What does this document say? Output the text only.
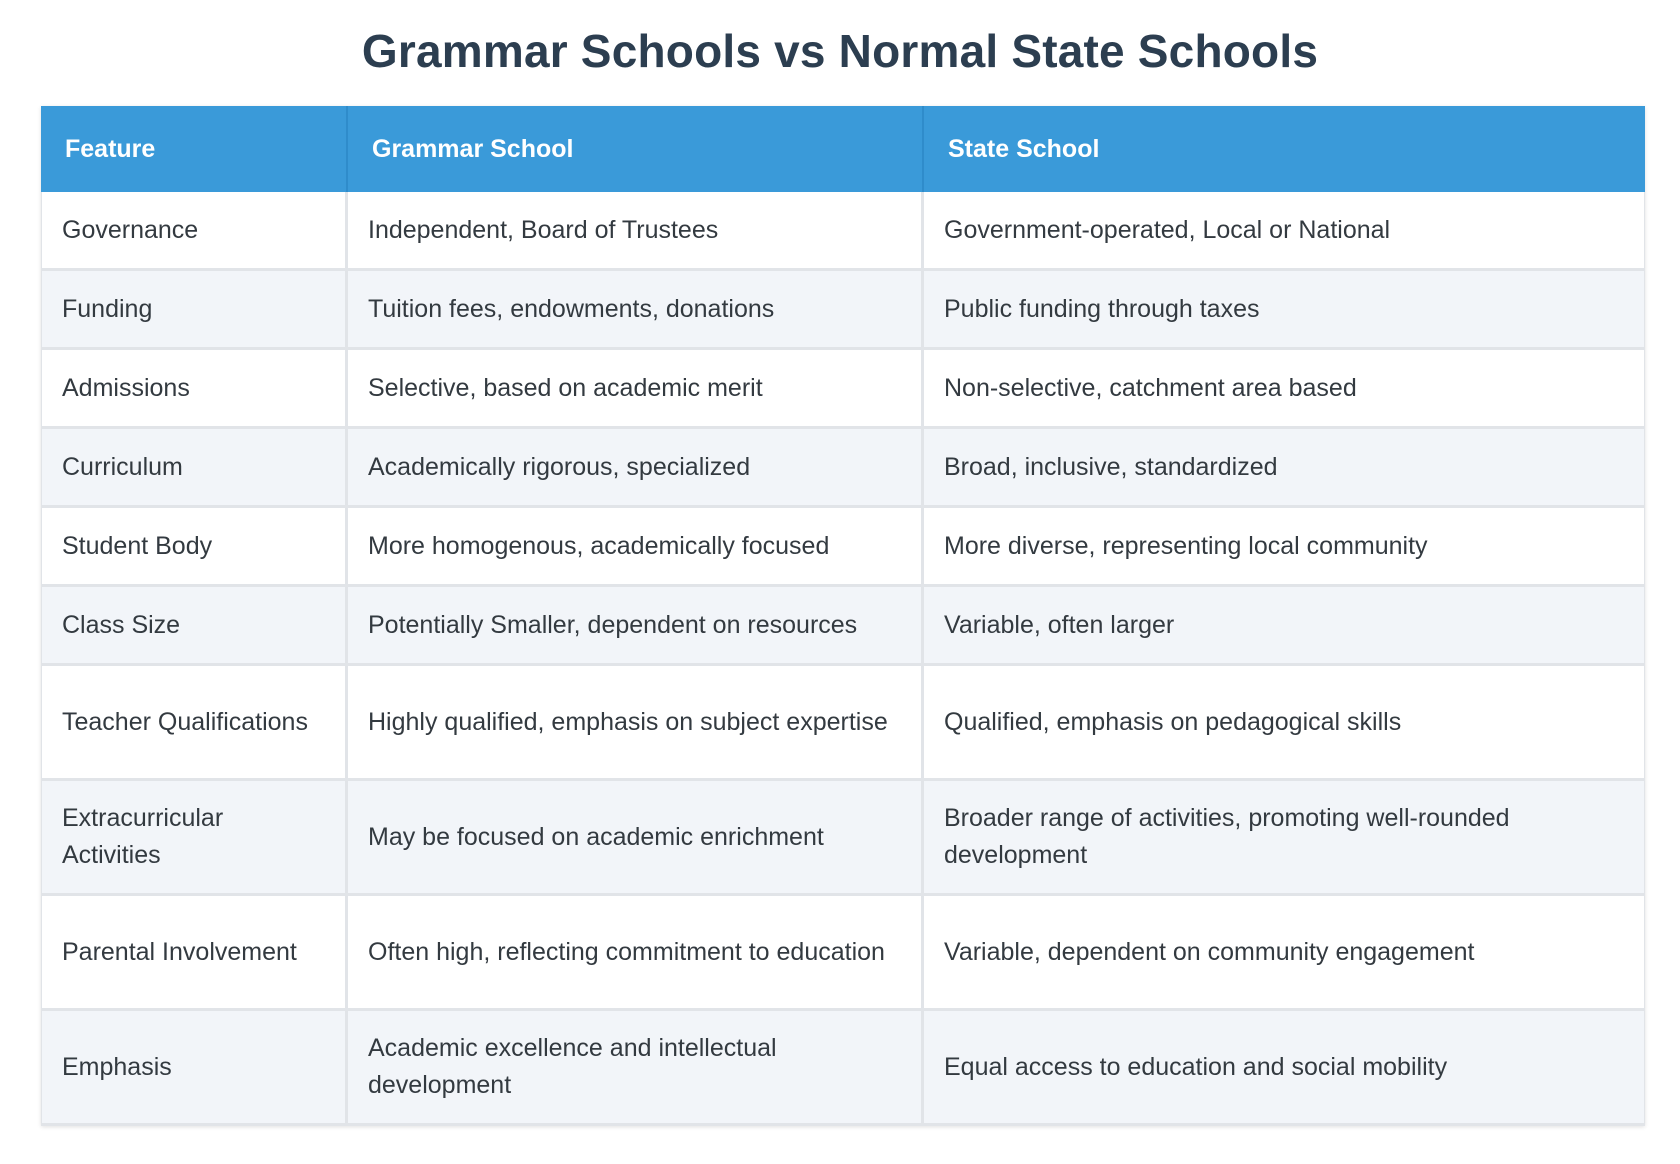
Grammar Schools vs Normal State Schools
Feature	Grammar School	State School
Governance	Independent, Board of Trustees	Government-operated, Local or National
Funding	Tuition fees, endowments, donations	Public funding through taxes
Admissions	Selective, based on academic merit	Non-selective, catchment area based
Curriculum	Academically rigorous, specialized	Broad, inclusive, standardized
Student Body	More homogenous, academically focused	More diverse, representing local community
Class Size	Potentially Smaller, dependent on resources	Variable, often larger
Teacher Qualifications	Highly qualified, emphasis on subject expertise	Qualified, emphasis on pedagogical skills
Extracurricular Activities	May be focused on academic enrichment	Broader range of activities, promoting well-rounded development
Parental Involvement	Often high, reflecting commitment to education	Variable, dependent on community engagement
Emphasis	Academic excellence and intellectual development	Equal access to education and social mobility
